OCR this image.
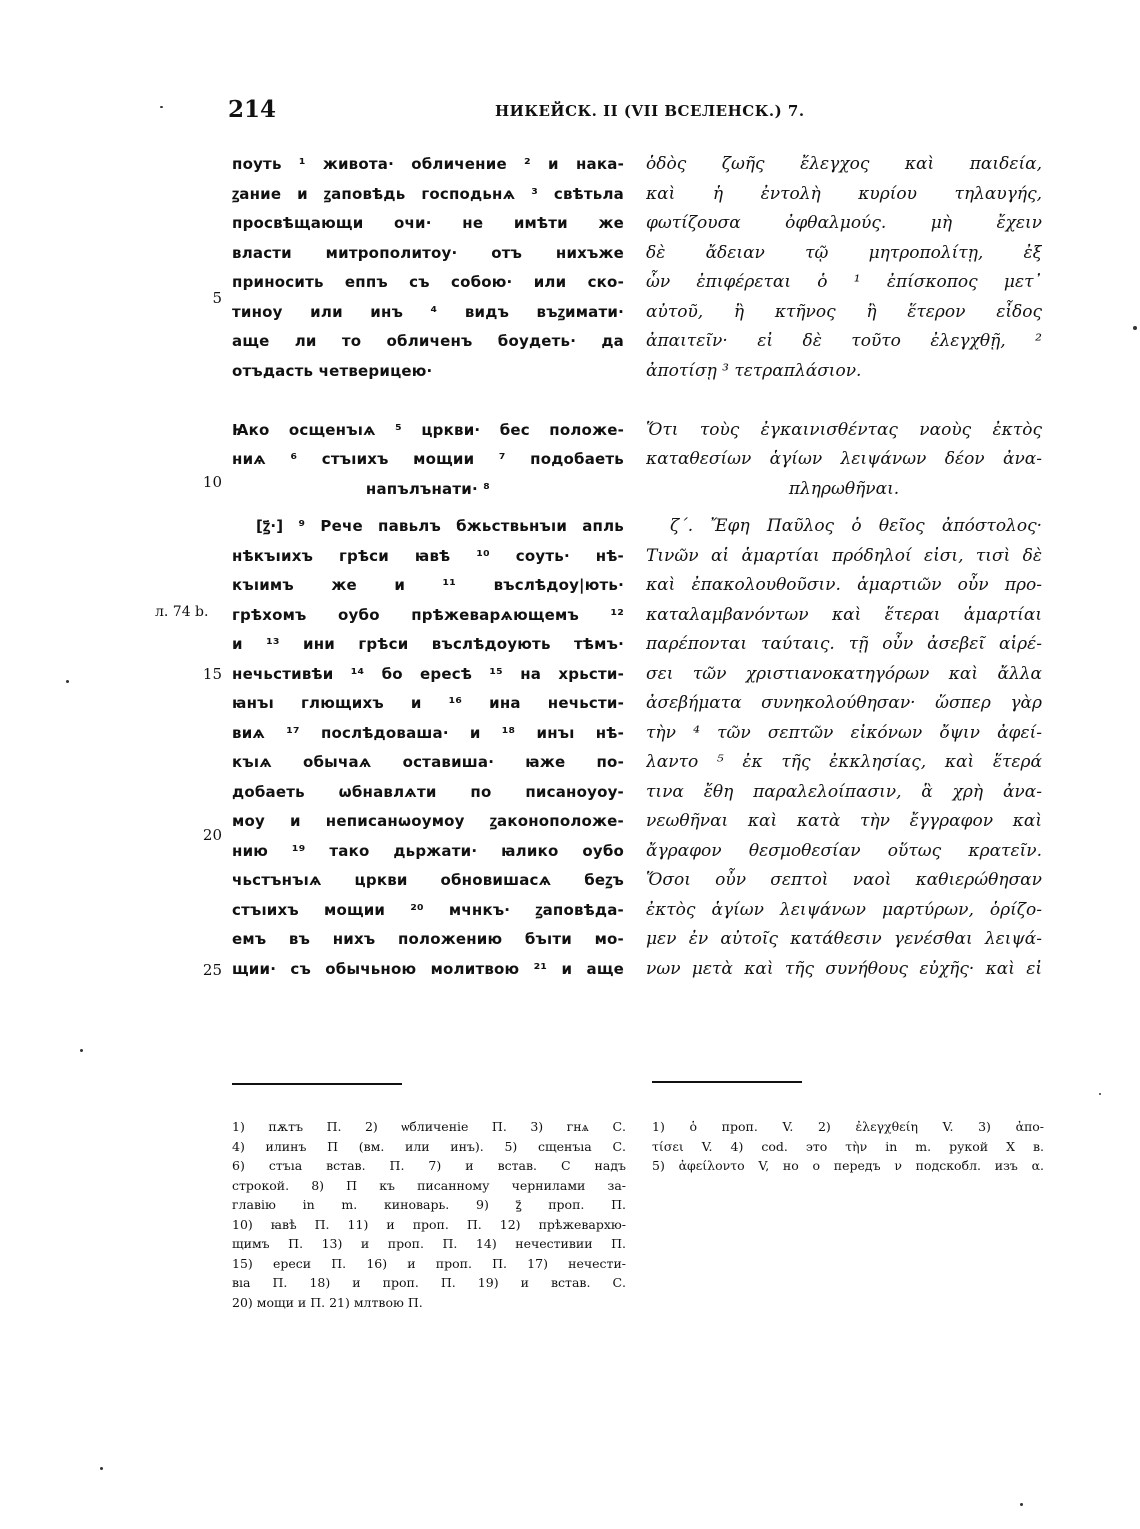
214	НИКЕЙСК. II (VII ВСЕЛЕНСК.) 7.
поуть ¹ живота· обличение ² и нака-
ꙁание и ꙁаповѣдь господьнѧ ³ свѣтьла
просвѣщающи очи· не имѣти же
власти митрополитоу· отъ нихъже
приносить еппъ съ собою· или ско-
тиноу или инъ ⁴ видъ въꙁимати·
аще ли то обличенъ боудеть· да
отъдасть четверицею·
Ꙗко осщенъıѧ ⁵ цркви· бес положе-
ниѧ ⁶ стъıихъ мощии ⁷ подобаеть
напълънати· ⁸
[ꙁ҃·] ⁹ Рече павьлъ бжьствьнъıи апль
нѣкъıихъ грѣси ꙗвѣ ¹⁰ соуть· нѣ-
къıимъ же и ¹¹ въслѣдоу|ють·
грѣхомъ оубо прѣжеварѧющемъ ¹²
и ¹³ ини грѣси въслѣдоують тѣмъ·
нечьстивѣи ¹⁴ бо ересѣ ¹⁵ на хрьсти-
ꙗнъı глющихъ и ¹⁶ ина нечьсти-
виѧ ¹⁷ послѣдоваша· и ¹⁸ инъı нѣ-
къıѧ обычаѧ оставиша· ꙗже по-
добаеть ѡбнавлѧти по писаноуоу-
моу и неписанѡоумоу ꙁаконоположе-
нию ¹⁹ тако дьржати· ꙗлико оубо
чьстънъıѧ цркви обновишасѧ беꙁъ
стъıихъ мощии ²⁰ мчнкъ· ꙁаповѣда-
емъ въ нихъ положению бъıти мо-
щии· съ обычьною молитвою ²¹ и аще
5
10
15
20
25
л. 74 b.
ὁδὸς ζωῆς ἔλεγχος καὶ παιδεία,
καὶ ἡ ἐντολὴ κυρίου τηλαυγής,
φωτίζουσα ὀφθαλμούς. μὴ ἔχειν
δὲ ἄδειαν τῷ μητροπολίτῃ, ἐξ
ὧν ἐπιφέρεται ὁ ¹ ἐπίσκοπος μετ᾽
αὐτοῦ, ἢ κτῆνος ἢ ἕτερον εἶδος
ἀπαιτεῖν· εἰ δὲ τοῦτο ἐλεγχθῇ, ²
ἀποτίσῃ ³ τετραπλάσιον.
Ὅτι τοὺς ἐγκαινισθέντας ναοὺς ἐκτὸς
καταθεσίων ἁγίων λειψάνων δέον ἀνα-
πληρωθῆναι.
ζ΄. Ἔφη Παῦλος ὁ θεῖος ἀπόστολος·
Τινῶν αἱ ἁμαρτίαι πρόδηλοί εἰσι, τισὶ δὲ
καὶ ἐπακολουθοῦσιν. ἁμαρτιῶν οὖν προ-
καταλαμβανόντων καὶ ἕτεραι ἁμαρτίαι
παρέπονται ταύταις. τῇ οὖν ἀσεβεῖ αἱρέ-
σει τῶν χριστιανοκατηγόρων καὶ ἄλλα
ἀσεβήματα συνηκολούθησαν· ὥσπερ γὰρ
τὴν ⁴ τῶν σεπτῶν εἰκόνων ὄψιν ἀφεί-
λαντο ⁵ ἐκ τῆς ἐκκλησίας, καὶ ἕτερά
τινα ἔθη παραλελοίπασιν, ἃ χρὴ ἀνα-
νεωθῆναι καὶ κατὰ τὴν ἔγγραφον καὶ
ἄγραφον θεσμοθεσίαν οὕτως κρατεῖν.
Ὅσοι οὖν σεπτοὶ ναοὶ καθιερώθησαν
ἐκτὸς ἁγίων λειψάνων μαρτύρων, ὁρίζο-
μεν ἐν αὐτοῖς κατάθεσιν γενέσθαι λειψά-
νων μετὰ καὶ τῆς συνήθους εὐχῆς· καὶ εἰ
1) пѫтъ П. 2) ѡбличенiе П. 3) гнѧ С.
4) илинъ П (вм. или инъ). 5) сщенъıа С.
6) стъıа встав. П. 7) и встав. С надъ
строкой. 8) П къ писанному чернилами за-
главiю in m. киноварь. 9) ꙁ҃ проп. П.
10) ꙗвѣ П. 11) и проп. П. 12) прѣжевархю-
щимъ П. 13) и проп. П. 14) нечестивии П.
15) ереси П. 16) и проп. П. 17) нечести-
вıа П. 18) и проп. П. 19) и встав. С.
20) мощи и П. 21) млтвою П.
1) ὁ проп. V. 2) ἐλεγχθείη V. 3) ἀπο-
τίσει V. 4) cod. это τὴν in m. рукой X в.
5) ἀφείλοντο V, но ο передъ ν подскобл. изъ α.
